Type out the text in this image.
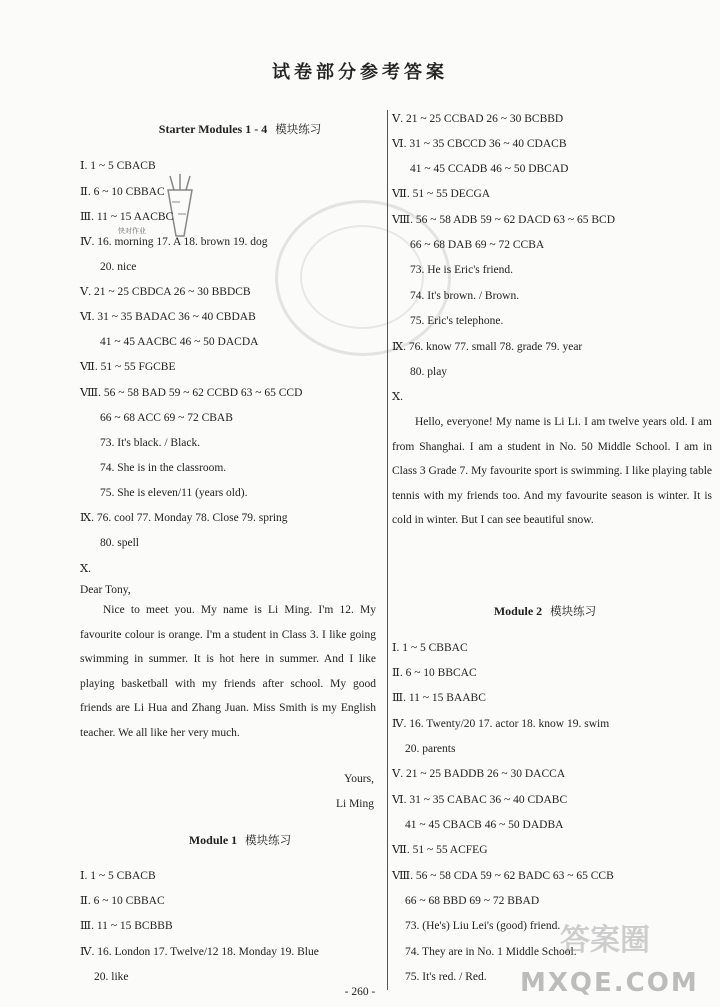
试卷部分参考答案
快对作业
Starter Modules 1 - 4 模块练习
Ⅰ. 1 ~ 5 CBACB
Ⅱ. 6 ~ 10 CBBAC
Ⅲ. 11 ~ 15 AACBC
Ⅳ. 16. morning 17. A 18. brown 19. dog
20. nice
Ⅴ. 21 ~ 25 CBDCA 26 ~ 30 BBDCB
Ⅵ. 31 ~ 35 BADAC 36 ~ 40 CBDAB
41 ~ 45 AACBC 46 ~ 50 DACDA
Ⅶ. 51 ~ 55 FGCBE
Ⅷ. 56 ~ 58 BAD 59 ~ 62 CCBD 63 ~ 65 CCD
66 ~ 68 ACC 69 ~ 72 CBAB
73. It's black. / Black.
74. She is in the classroom.
75. She is eleven/11 (years old).
Ⅸ. 76. cool 77. Monday 78. Close 79. spring
80. spell
Ⅹ.
Dear Tony,
Nice to meet you. My name is Li Ming. I'm 12. My favourite colour is orange. I'm a student in Class 3. I like going swimming in summer. It is hot here in summer. And I like playing basketball with my friends after school. My good friends are Li Hua and Zhang Juan. Miss Smith is my English teacher. We all like her very much.
Yours,
Li Ming
Module 1 模块练习
Ⅰ. 1 ~ 5 CBACB
Ⅱ. 6 ~ 10 CBBAC
Ⅲ. 11 ~ 15 BCBBB
Ⅳ. 16. London 17. Twelve/12 18. Monday 19. Blue
20. like
Ⅴ. 21 ~ 25 CCBAD 26 ~ 30 BCBBD
Ⅵ. 31 ~ 35 CBCCD 36 ~ 40 CDACB
41 ~ 45 CCADB 46 ~ 50 DBCAD
Ⅶ. 51 ~ 55 DECGA
Ⅷ. 56 ~ 58 ADB 59 ~ 62 DACD 63 ~ 65 BCD
66 ~ 68 DAB 69 ~ 72 CCBA
73. He is Eric's friend.
74. It's brown. / Brown.
75. Eric's telephone.
Ⅸ. 76. know 77. small 78. grade 79. year
80. play
Ⅹ.
Hello, everyone! My name is Li Li. I am twelve years old. I am from Shanghai. I am a student in No. 50 Middle School. I am in Class 3 Grade 7. My favourite sport is swimming. I like playing table tennis with my friends too. And my favourite season is winter. It is cold in winter. But I can see beautiful snow.
Module 2 模块练习
Ⅰ. 1 ~ 5 CBBAC
Ⅱ. 6 ~ 10 BBCAC
Ⅲ. 11 ~ 15 BAABC
Ⅳ. 16. Twenty/20 17. actor 18. know 19. swim
20. parents
Ⅴ. 21 ~ 25 BADDB 26 ~ 30 DACCA
Ⅵ. 31 ~ 35 CABAC 36 ~ 40 CDABC
41 ~ 45 CBACB 46 ~ 50 DADBA
Ⅶ. 51 ~ 55 ACFEG
Ⅷ. 56 ~ 58 CDA 59 ~ 62 BADC 63 ~ 65 CCB
66 ~ 68 BBD 69 ~ 72 BBAD
73. (He's) Liu Lei's (good) friend.
74. They are in No. 1 Middle School.
75. It's red. / Red.
答案圈
MXQE.COM
- 260 -
